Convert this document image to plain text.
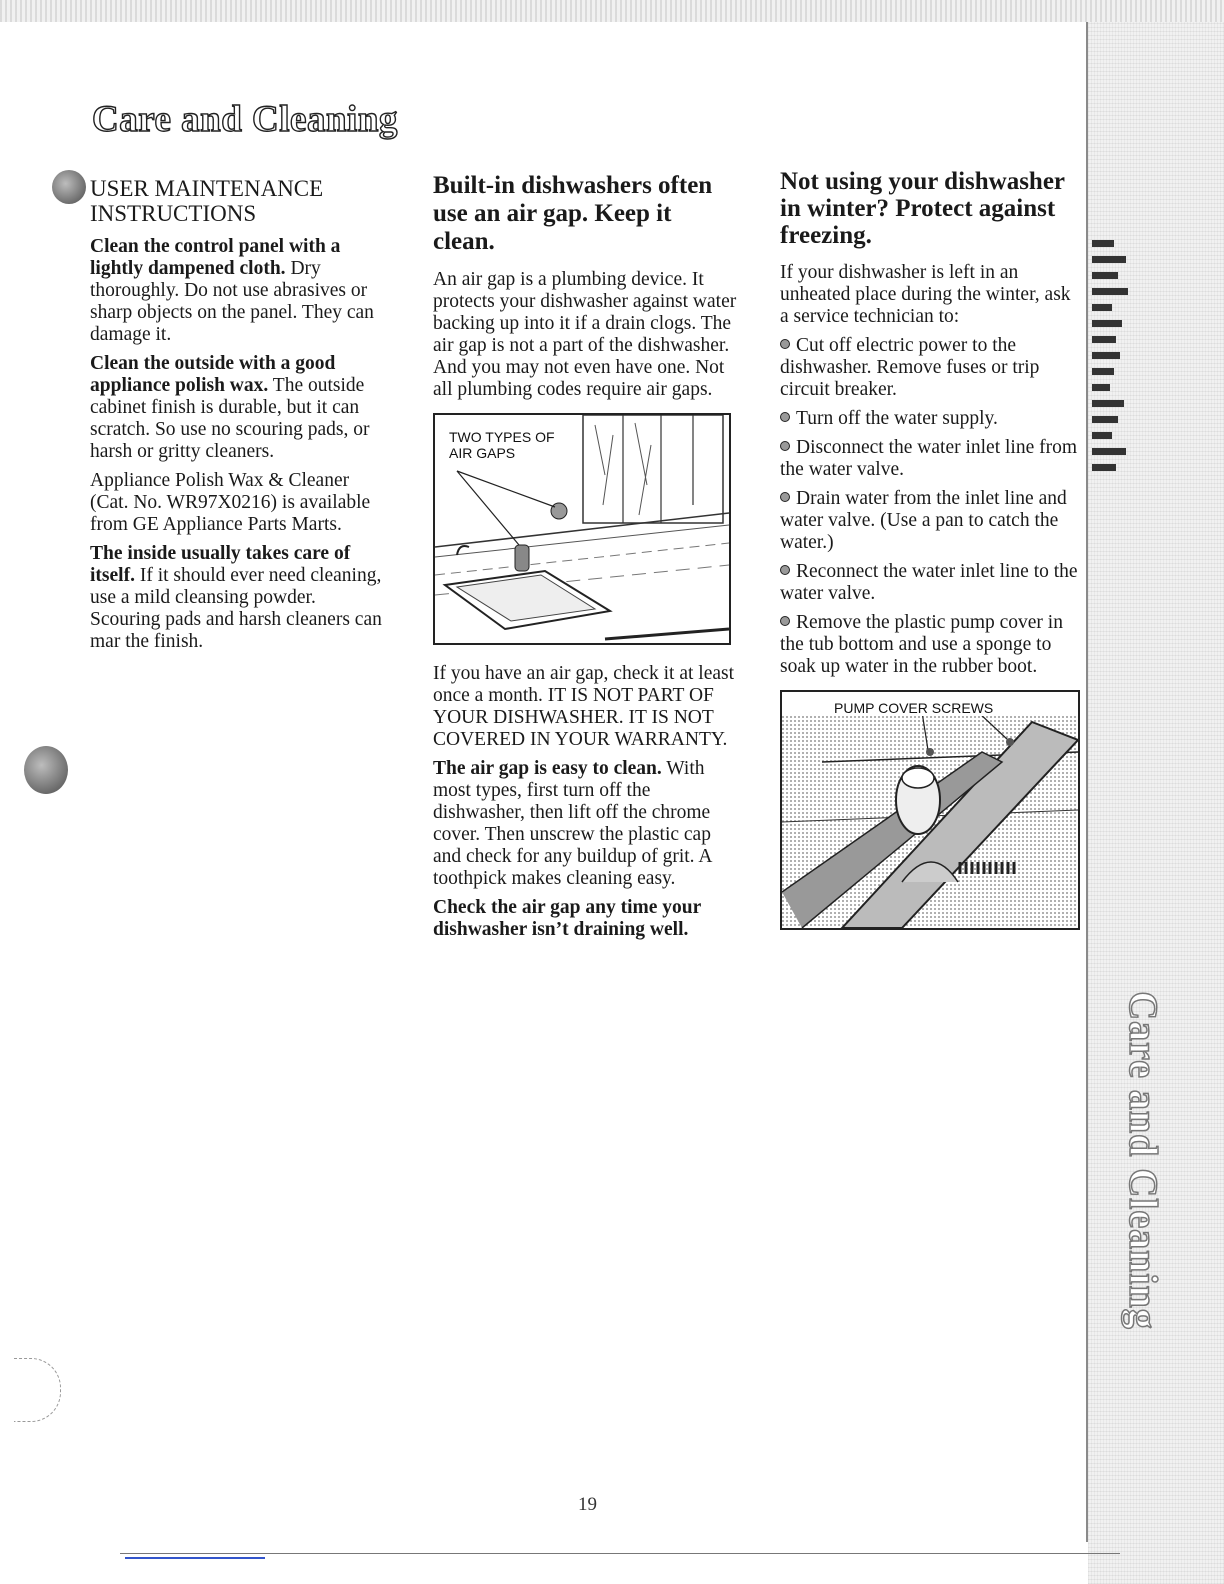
Care and Cleaning
Care and Cleaning
USER MAINTENANCE INSTRUCTIONS

Clean the control panel with a lightly dampened cloth. Dry thoroughly. Do not use abrasives or sharp objects on the panel. They can damage it.

Clean the outside with a good appliance polish wax. The outside cabinet finish is durable, but it can scratch. So use no scouring pads, or harsh or gritty cleaners.

Appliance Polish Wax & Cleaner (Cat. No. WR97X0216) is available from GE Appliance Parts Marts.

The inside usually takes care of itself. If it should ever need cleaning, use a mild cleansing powder. Scouring pads and harsh cleaners can mar the finish.

Built-in dishwashers often use an air gap. Keep it clean.

An air gap is a plumbing device. It protects your dishwasher against water backing up into it if a drain clogs. The air gap is not a part of the dishwasher. And you may not even have one. Not all plumbing codes require air gaps.

TWO TYPES OF AIR GAPS

If you have an air gap, check it at least once a month. IT IS NOT PART OF YOUR DISHWASHER. IT IS NOT COVERED IN YOUR WARRANTY.

The air gap is easy to clean. With most types, first turn off the dishwasher, then lift off the chrome cover. Then unscrew the plastic cap and check for any buildup of grit. A toothpick makes cleaning easy.

Check the air gap any time your dishwasher isn’t draining well.

Not using your dishwasher in winter? Protect against freezing.

If your dishwasher is left in an unheated place during the winter, ask a service technician to:

Cut off electric power to the dishwasher. Remove fuses or trip circuit breaker.
Turn off the water supply.
Disconnect the water inlet line from the water valve.
Drain water from the inlet line and water valve. (Use a pan to catch the water.)
Reconnect the water inlet line to the water valve.
Remove the plastic pump cover in the tub bottom and use a sponge to soak up water in the rubber boot.
PUMP COVER SCREWS
19
